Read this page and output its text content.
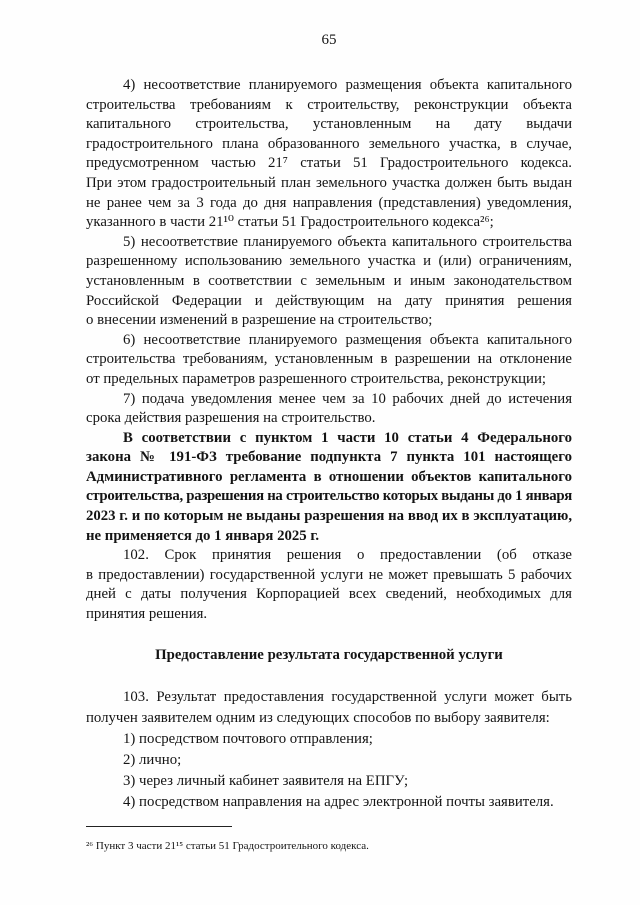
65
4) несоответствие планируемого размещения объекта капитального
строительства требованиям к строительству, реконструкции объекта
капитального строительства, установленным на дату выдачи
градостроительного плана образованного земельного участка, в случае,
предусмотренном частью 21⁷ статьи 51 Градостроительного кодекса.
При этом градостроительный план земельного участка должен быть выдан
не ранее чем за 3 года до дня направления (представления) уведомления,
указанного в части 21¹⁰ статьи 51 Градостроительного кодекса²⁶;
5) несоответствие планируемого объекта капитального строительства
разрешенному использованию земельного участка и (или) ограничениям,
установленным в соответствии с земельным и иным законодательством
Российской Федерации и действующим на дату принятия решения
о внесении изменений в разрешение на строительство;
6) несоответствие планируемого размещения объекта капитального
строительства требованиям, установленным в разрешении на отклонение
от предельных параметров разрешенного строительства, реконструкции;
7) подача уведомления менее чем за 10 рабочих дней до истечения
срока действия разрешения на строительство.
В соответствии с пунктом 1 части 10 статьи 4 Федерального
закона № 191-ФЗ требование подпункта 7 пункта 101 настоящего
Административного регламента в отношении объектов капитального
строительства, разрешения на строительство которых выданы до 1 января
2023 г. и по которым не выданы разрешения на ввод их в эксплуатацию,
не применяется до 1 января 2025 г.
102. Срок принятия решения о предоставлении (об отказе
в предоставлении) государственной услуги не может превышать 5 рабочих
дней с даты получения Корпорацией всех сведений, необходимых для
принятия решения.
Предоставление результата государственной услуги
103. Результат предоставления государственной услуги может быть
получен заявителем одним из следующих способов по выбору заявителя:
1) посредством почтового отправления;
2) лично;
3) через личный кабинет заявителя на ЕПГУ;
4) посредством направления на адрес электронной почты заявителя.
²⁶ Пункт 3 части 21¹⁵ статьи 51 Градостроительного кодекса.
